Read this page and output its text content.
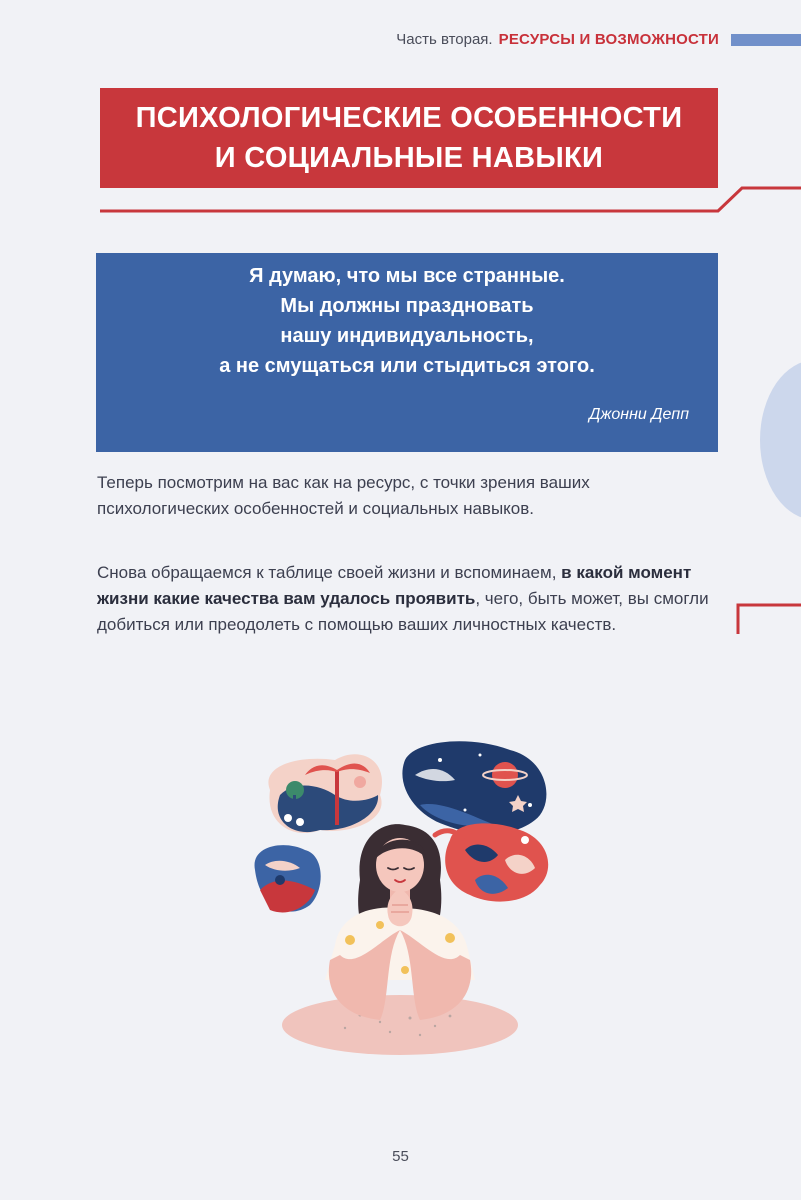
Часть вторая. РЕСУРСЫ И ВОЗМОЖНОСТИ
ПСИХОЛОГИЧЕСКИЕ ОСОБЕННОСТИ
И СОЦИАЛЬНЫЕ НАВЫКИ

Я думаю, что мы все странные.

Мы должны праздновать

нашу индивидуальность,

а не смущаться или стыдиться этого.

Джонни Депп

Теперь посмотрим на вас как на ресурс, с точки зрения ваших психологических особенностей и социальных навыков.

Снова обращаемся к таблице своей жизни и вспоминаем, в какой момент жизни какие качества вам удалось проявить, чего, быть может, вы смогли добиться или преодолеть с помощью ваших личностных качеств.

55
